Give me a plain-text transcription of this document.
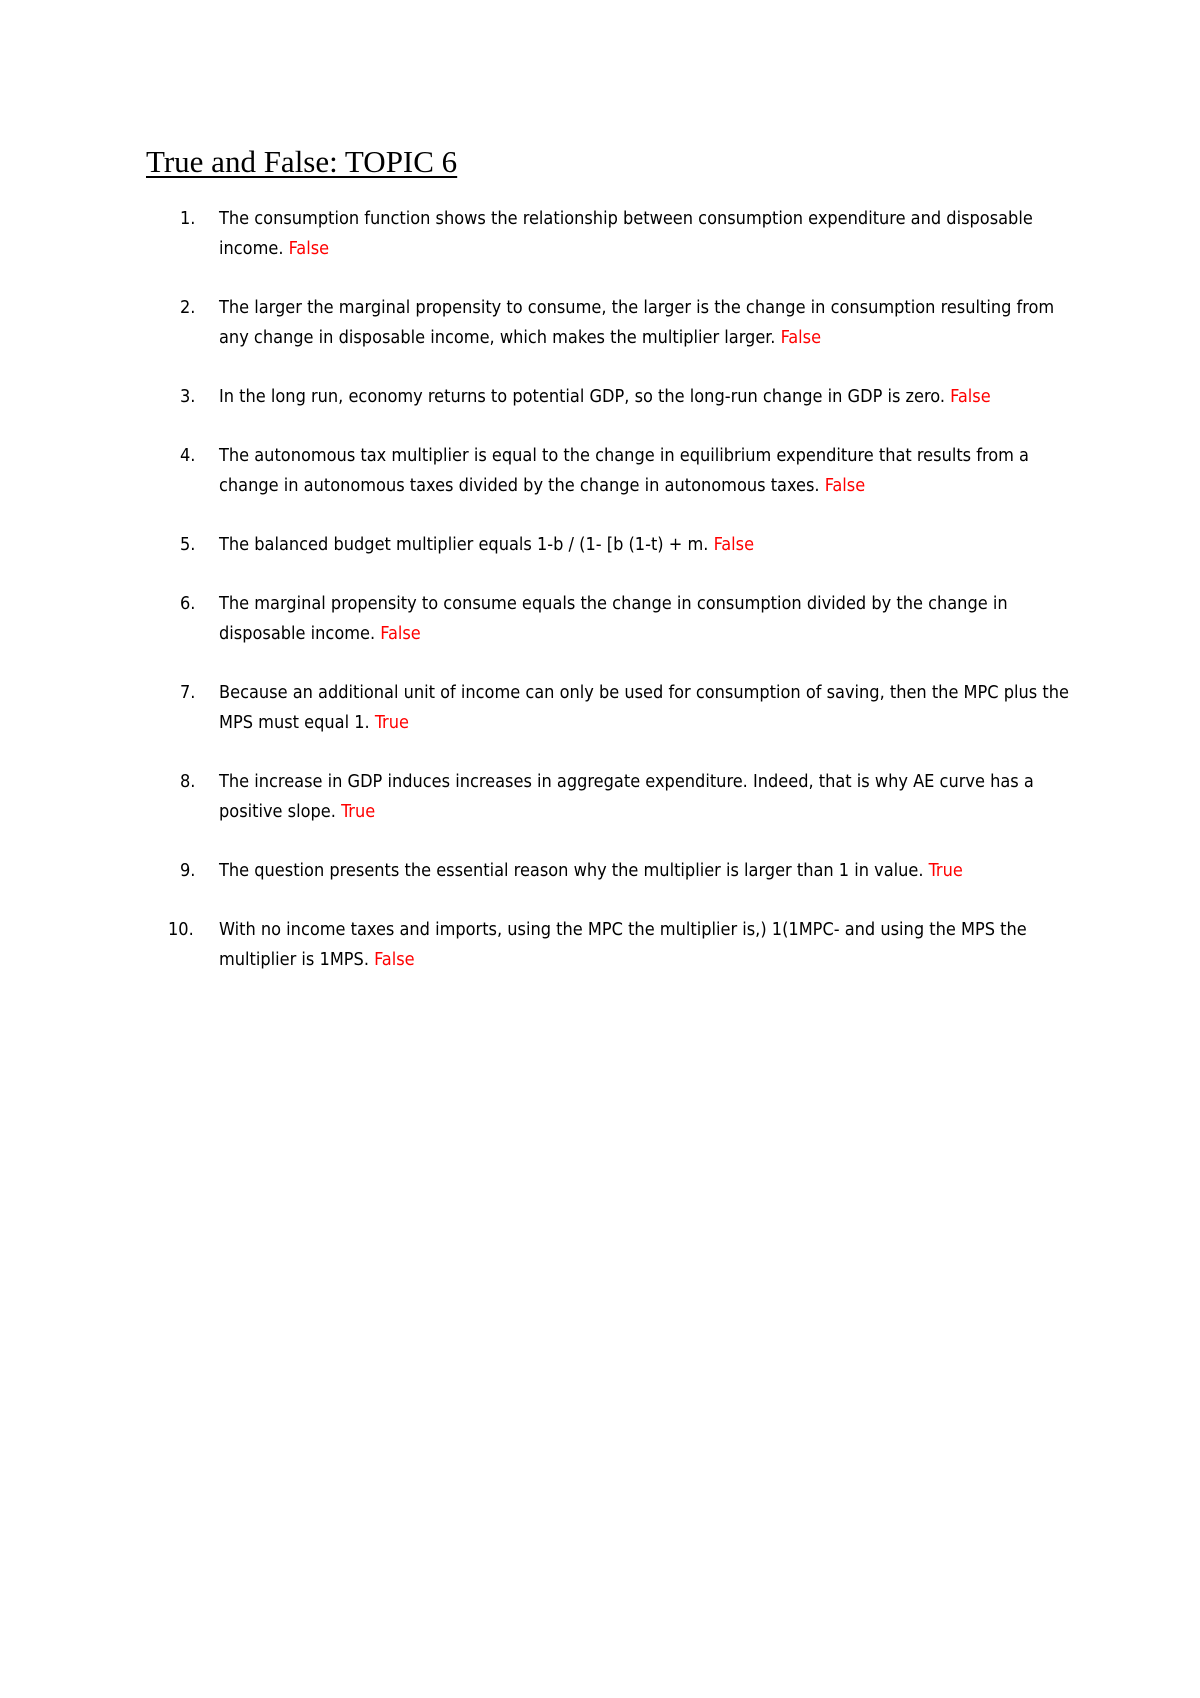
True and False: TOPIC 6
1. The consumption function shows the relationship between consumption expenditure and disposable income. False
2. The larger the marginal propensity to consume, the larger is the change in consumption resulting from any change in disposable income, which makes the multiplier larger. False
3. In the long run, economy returns to potential GDP, so the long-run change in GDP is zero. False
4. The autonomous tax multiplier is equal to the change in equilibrium expenditure that results from a change in autonomous taxes divided by the change in autonomous taxes. False
5. The balanced budget multiplier equals 1-b / (1- [b (1-t) + m. False
6. The marginal propensity to consume equals the change in consumption divided by the change in disposable income. False
7. Because an additional unit of income can only be used for consumption of saving, then the MPC plus the MPS must equal 1. True
8. The increase in GDP induces increases in aggregate expenditure. Indeed, that is why AE curve has a positive slope. True
9. The question presents the essential reason why the multiplier is larger than 1 in value. True
10. With no income taxes and imports, using the MPC the multiplier is,) 1(1MPC- and using the MPS the multiplier is 1MPS. False
